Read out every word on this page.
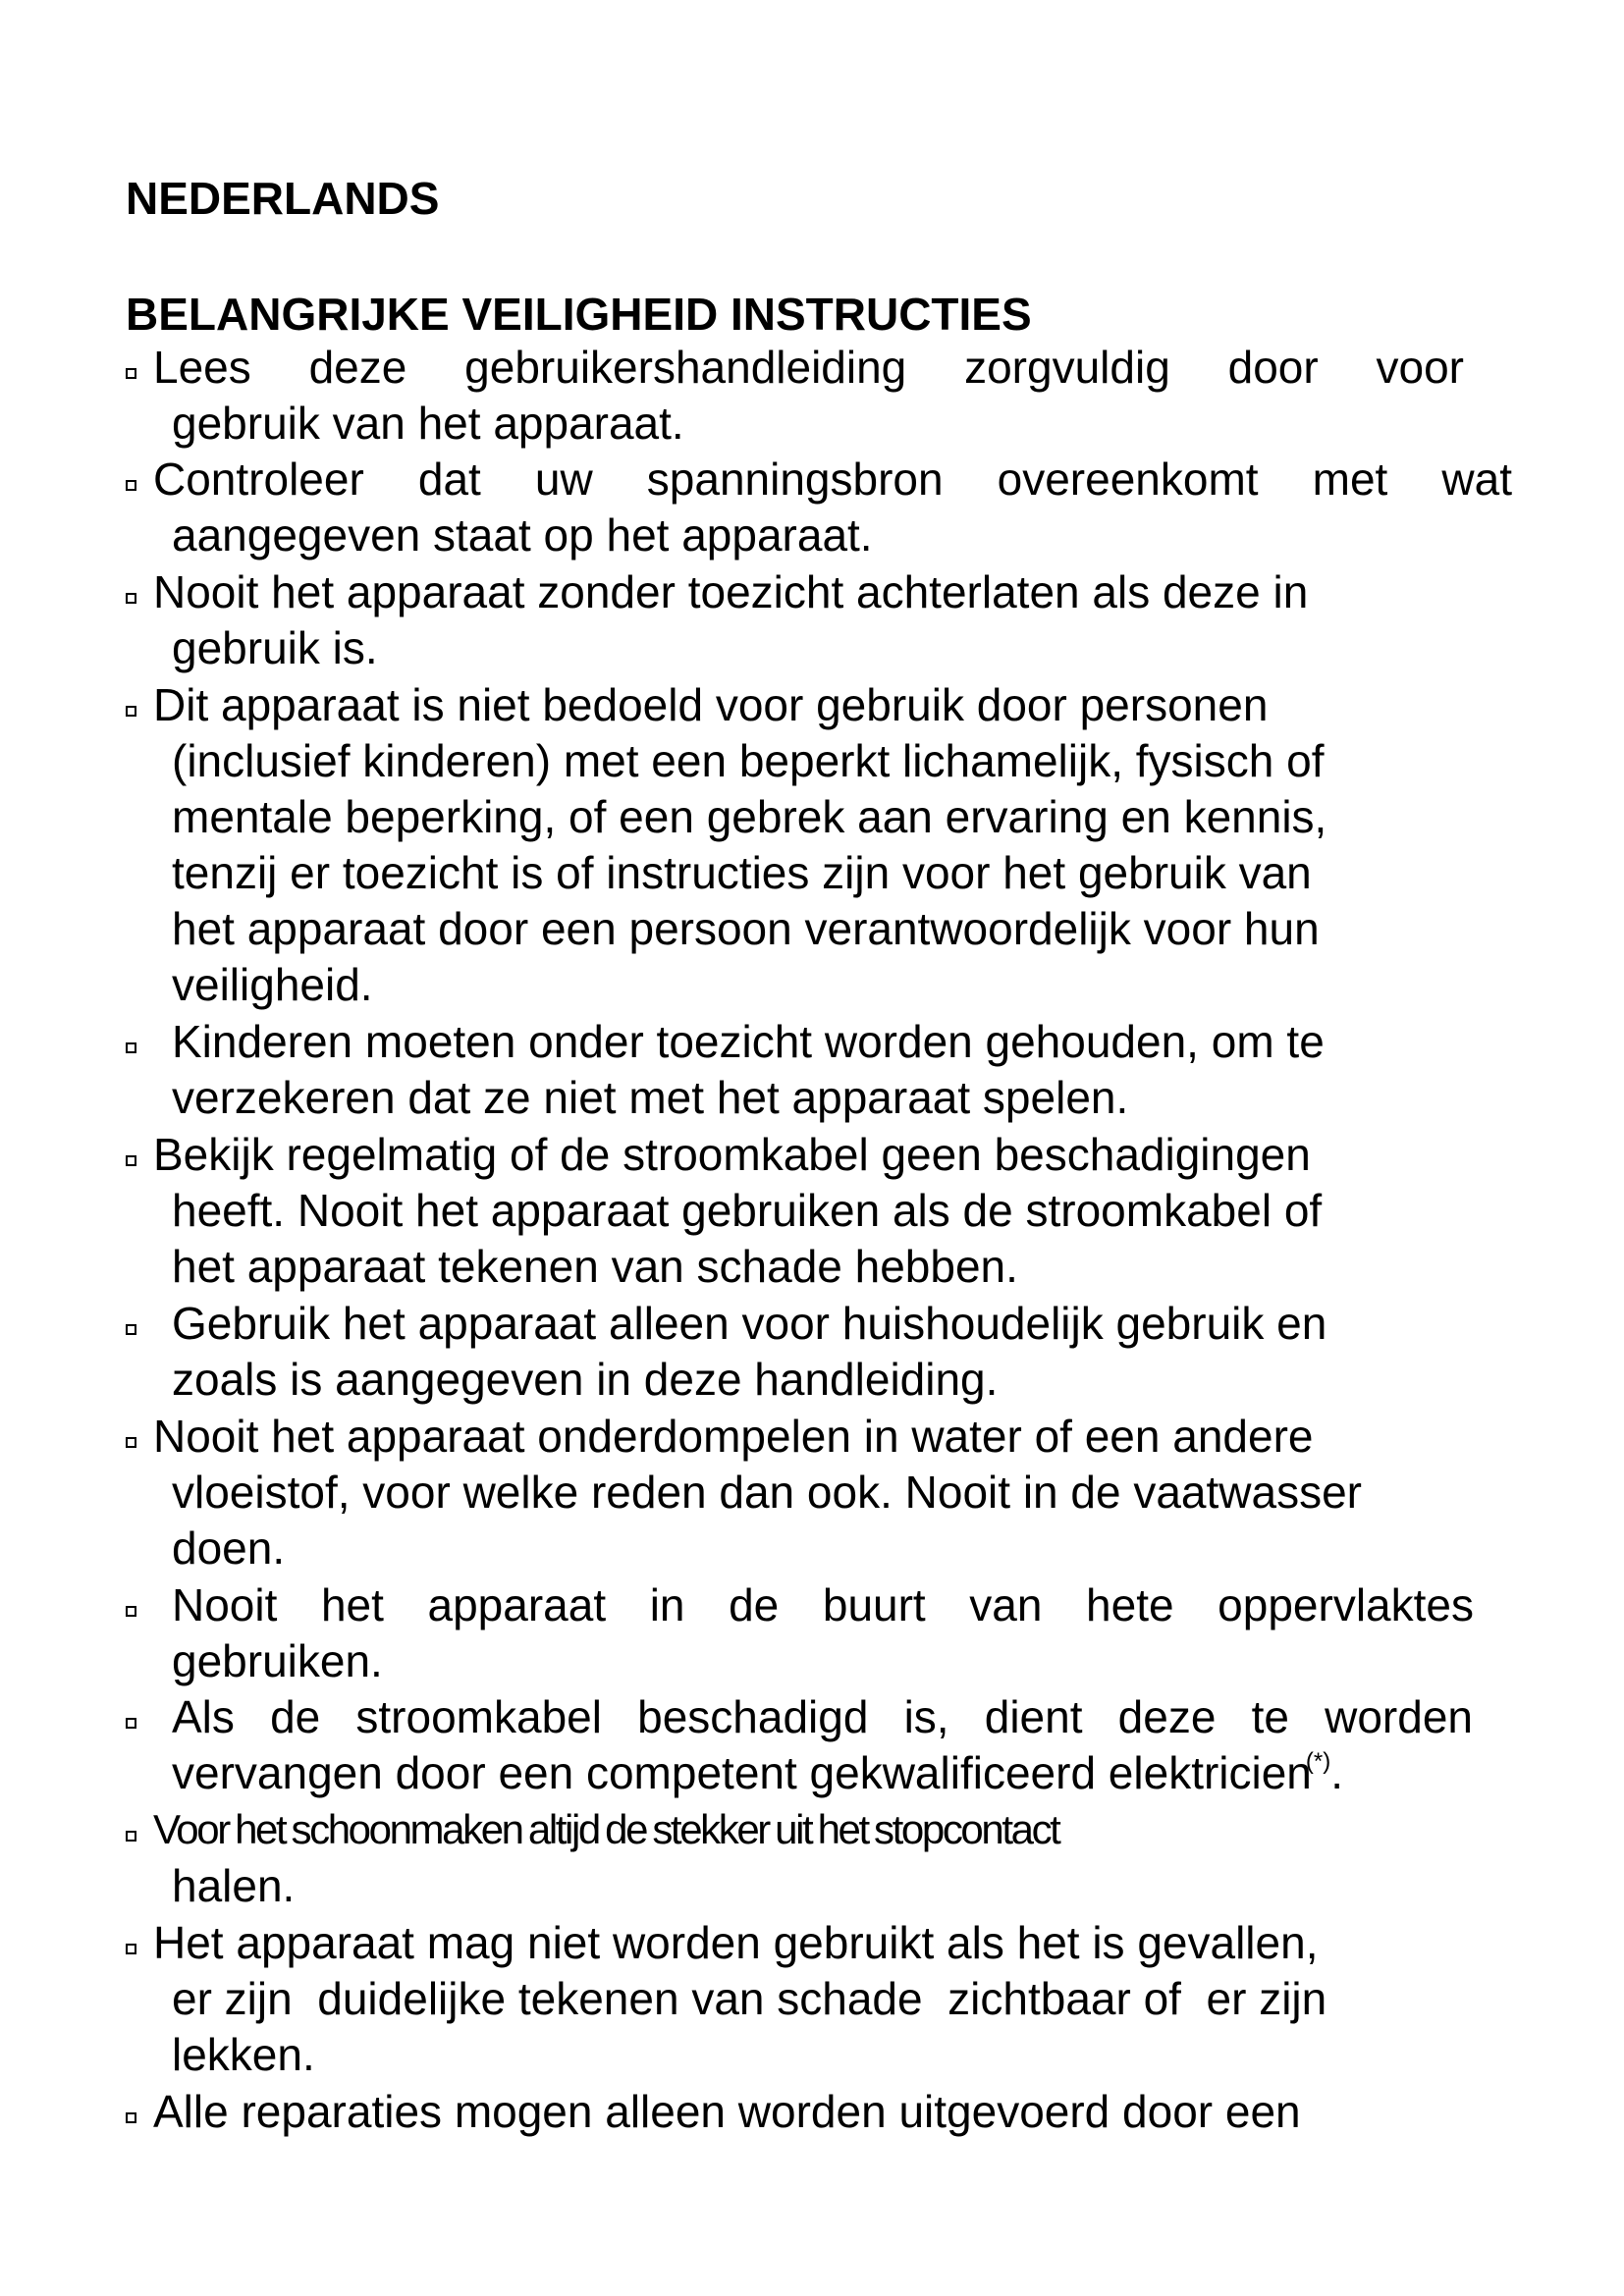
NEDERLANDS
BELANGRIJKE VEILIGHEID INSTRUCTIES
Lees deze gebruikershandleiding zorgvuldig door voor
gebruik van het apparaat.
Controleer dat uw spanningsbron overeenkomt met wat
aangegeven staat op het apparaat.
Nooit het apparaat zonder toezicht achterlaten als deze in
gebruik is.
Dit apparaat is niet bedoeld voor gebruik door personen
(inclusief kinderen) met een beperkt lichamelijk, fysisch of
mentale beperking, of een gebrek aan ervaring en kennis,
tenzij er toezicht is of instructies zijn voor het gebruik van
het apparaat door een persoon verantwoordelijk voor hun
veiligheid.
Kinderen moeten onder toezicht worden gehouden, om te
verzekeren dat ze niet met het apparaat spelen.
Bekijk regelmatig of de stroomkabel geen beschadigingen
heeft. Nooit het apparaat gebruiken als de stroomkabel of
het apparaat tekenen van schade hebben.
Gebruik het apparaat alleen voor huishoudelijk gebruik en
zoals is aangegeven in deze handleiding.
Nooit het apparaat onderdompelen in water of een andere
vloeistof, voor welke reden dan ook. Nooit in de vaatwasser
doen.
Nooit het apparaat in de buurt van hete oppervlaktes
gebruiken.
Als de stroomkabel beschadigd is, dient deze te worden
vervangen door een competent gekwalificeerd elektricien(*).
Voor het schoonmaken altijd de stekker uit het stopcontact
halen.
Het apparaat mag niet worden gebruikt als het is gevallen,
er zijn  duidelijke tekenen van schade  zichtbaar of  er zijn
lekken.
Alle reparaties mogen alleen worden uitgevoerd door een
